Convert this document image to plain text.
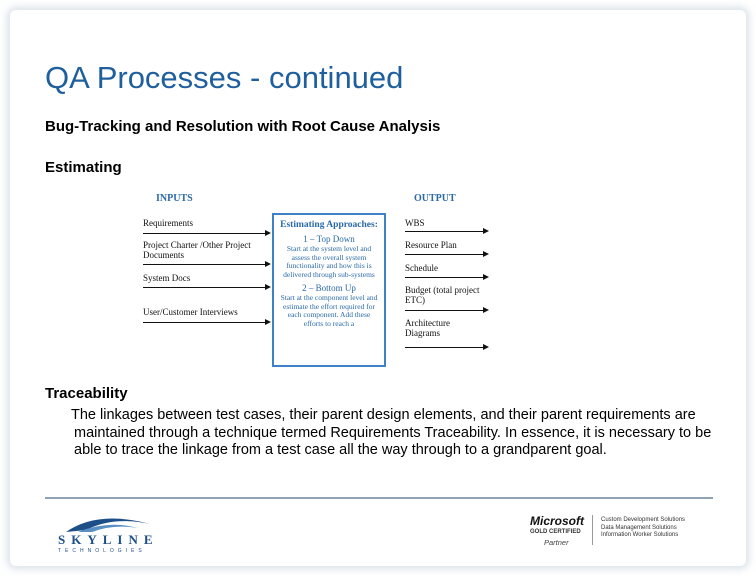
QA Processes - continued
Bug-Tracking and Resolution with Root Cause Analysis
Estimating
INPUTS	OUTPUT
Requirements
Project Charter /Other Project Documents
System Docs
User/Customer Interviews
Estimating Approaches:
1 – Top Down
Start at the system level and assess the overall system functionality and how this is delivered through sub-systems
2 – Bottom Up
Start at the component level and estimate the effort required for each component. Add these efforts to reach a
WBS
Resource Plan
Schedule
Budget (total project ETC)
Architecture Diagrams
Traceability
The linkages between test cases, their parent design elements, and their parent requirements are maintained through a technique termed Requirements Traceability. In essence, it is necessary to be able to trace the linkage from a test case all the way through to a grandparent goal.
SKYLINE
TECHNOLOGIES
Microsoft
GOLD CERTIFIED
Partner
Custom Development Solutions
Data Management Solutions
Information Worker Solutions
